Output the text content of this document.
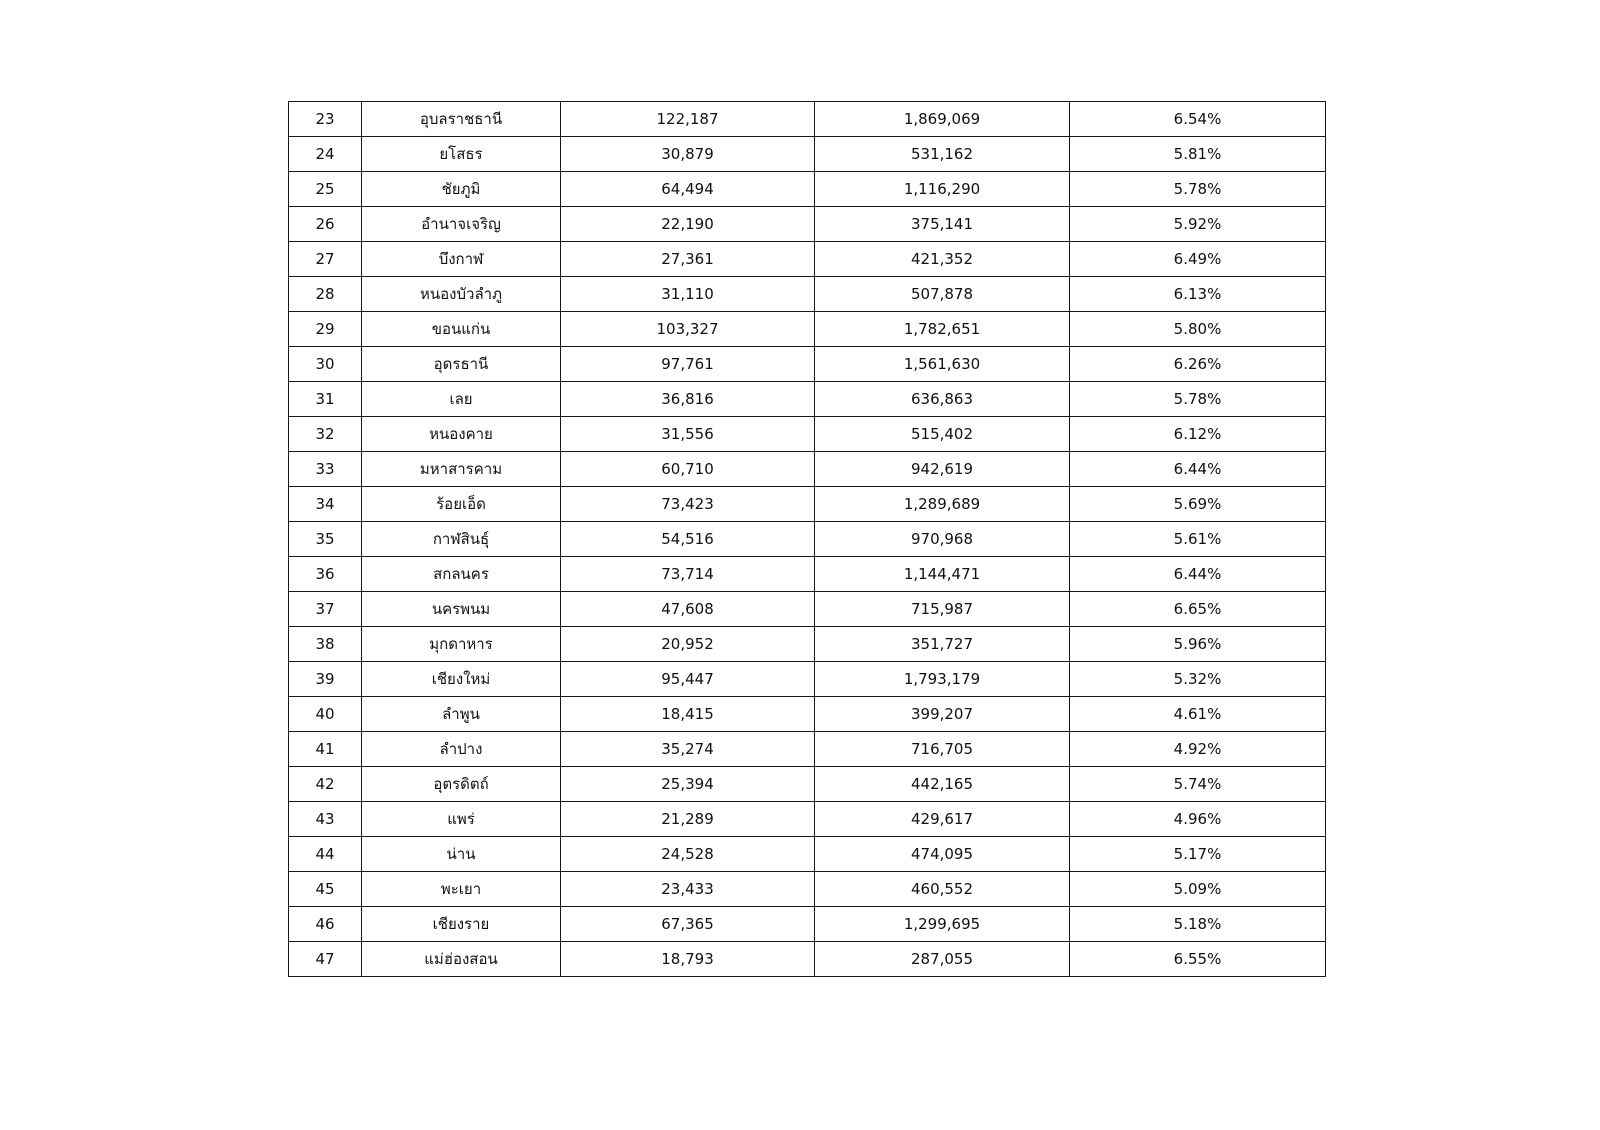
23	อุบลราชธานี	122,187	1,869,069	6.54%
24	ยโสธร	30,879	531,162	5.81%
25	ชัยภูมิ	64,494	1,116,290	5.78%
26	อำนาจเจริญ	22,190	375,141	5.92%
27	บึงกาฬ	27,361	421,352	6.49%
28	หนองบัวลำภู	31,110	507,878	6.13%
29	ขอนแก่น	103,327	1,782,651	5.80%
30	อุดรธานี	97,761	1,561,630	6.26%
31	เลย	36,816	636,863	5.78%
32	หนองคาย	31,556	515,402	6.12%
33	มหาสารคาม	60,710	942,619	6.44%
34	ร้อยเอ็ด	73,423	1,289,689	5.69%
35	กาฬสินธุ์	54,516	970,968	5.61%
36	สกลนคร	73,714	1,144,471	6.44%
37	นครพนม	47,608	715,987	6.65%
38	มุกดาหาร	20,952	351,727	5.96%
39	เชียงใหม่	95,447	1,793,179	5.32%
40	ลำพูน	18,415	399,207	4.61%
41	ลำปาง	35,274	716,705	4.92%
42	อุตรดิตถ์	25,394	442,165	5.74%
43	แพร่	21,289	429,617	4.96%
44	น่าน	24,528	474,095	5.17%
45	พะเยา	23,433	460,552	5.09%
46	เชียงราย	67,365	1,299,695	5.18%
47	แม่ฮ่องสอน	18,793	287,055	6.55%
